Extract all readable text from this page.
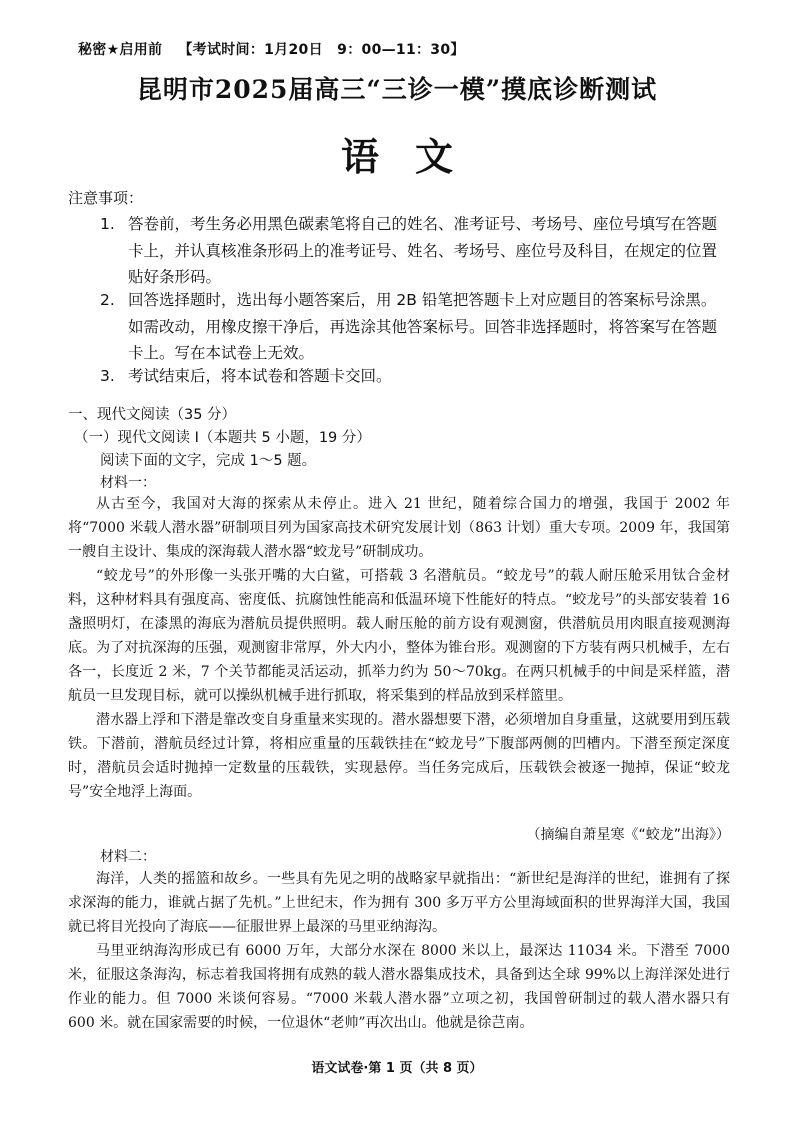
秘密★启用前 【考试时间：1月20日　9：00—11：30】
昆明市2025届高三“三诊一模”摸底诊断测试
语文
注意事项：
1. 答卷前，考生务必用黑色碳素笔将自己的姓名、准考证号、考场号、座位号填写在答题卡上，并认真核准条形码上的准考证号、姓名、考场号、座位号及科目，在规定的位置贴好条形码。
2. 回答选择题时，选出每小题答案后，用 2B 铅笔把答题卡上对应题目的答案标号涂黑。如需改动，用橡皮擦干净后，再选涂其他答案标号。回答非选择题时，将答案写在答题卡上。写在本试卷上无效。
3. 考试结束后，将本试卷和答题卡交回。
一、现代文阅读（35 分）
（一）现代文阅读 I（本题共 5 小题，19 分）
阅读下面的文字，完成 1～5 题。
材料一：

从古至今，我国对大海的探索从未停止。进入 21 世纪，随着综合国力的增强，我国于 2002 年将“7000 米载人潜水器”研制项目列为国家高技术研究发展计划（863 计划）重大专项。2009 年，我国第一艘自主设计、集成的深海载人潜水器“蛟龙号”研制成功。

“蛟龙号”的外形像一头张开嘴的大白鲨，可搭载 3 名潜航员。“蛟龙号”的载人耐压舱采用钛合金材料，这种材料具有强度高、密度低、抗腐蚀性能高和低温环境下性能好的特点。“蛟龙号”的头部安装着 16 盏照明灯，在漆黑的海底为潜航员提供照明。载人耐压舱的前方设有观测窗，供潜航员用肉眼直接观测海底。为了对抗深海的压强，观测窗非常厚，外大内小，整体为锥台形。观测窗的下方装有两只机械手，左右各一，长度近 2 米，7 个关节都能灵活运动，抓举力约为 50～70kg。在两只机械手的中间是采样篮，潜航员一旦发现目标，就可以操纵机械手进行抓取，将采集到的样品放到采样篮里。

潜水器上浮和下潜是靠改变自身重量来实现的。潜水器想要下潜，必须增加自身重量，这就要用到压载铁。下潜前，潜航员经过计算，将相应重量的压载铁挂在“蛟龙号”下腹部两侧的凹槽内。下潜至预定深度时，潜航员会适时抛掉一定数量的压载铁，实现悬停。当任务完成后，压载铁会被逐一抛掉，保证“蛟龙号”安全地浮上海面。

（摘编自萧星寒《“蛟龙”出海》）
材料二：

海洋，人类的摇篮和故乡。一些具有先见之明的战略家早就指出：“新世纪是海洋的世纪，谁拥有了探求深海的能力，谁就占据了先机。”上世纪末，作为拥有 300 多万平方公里海域面积的世界海洋大国，我国就已将目光投向了海底——征服世界上最深的马里亚纳海沟。

马里亚纳海沟形成已有 6000 万年，大部分水深在 8000 米以上，最深达 11034 米。下潜至 7000 米，征服这条海沟，标志着我国将拥有成熟的载人潜水器集成技术，具备到达全球 99%以上海洋深处进行作业的能力。但 7000 米谈何容易。“7000 米载人潜水器”立项之初，我国曾研制过的载人潜水器只有 600 米。就在国家需要的时候，一位退休“老帅”再次出山。他就是徐芑南。

语文试卷·第 1 页（共 8 页）
